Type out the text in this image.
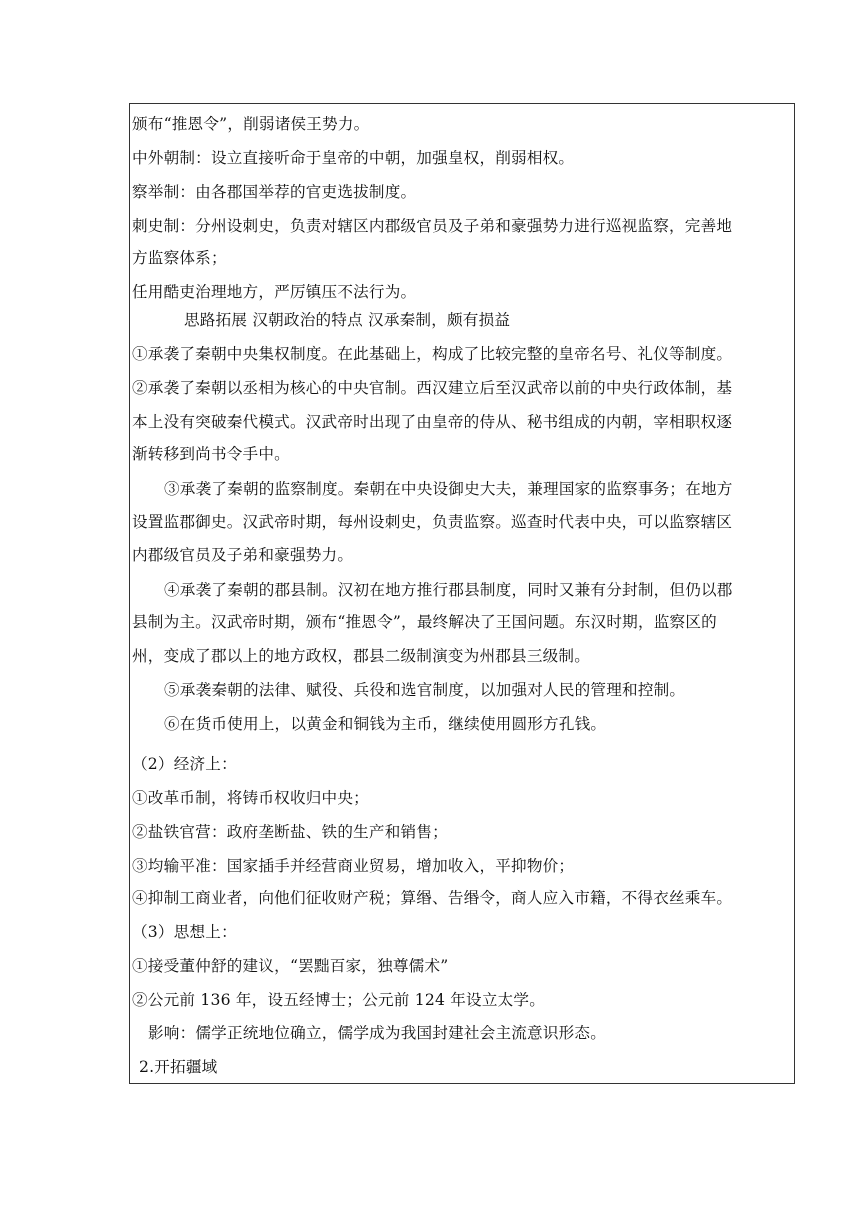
颁布“推恩令”，削弱诸侯王势力。
中外朝制：设立直接听命于皇帝的中朝，加强皇权，削弱相权。
察举制：由各郡国举荐的官吏选拔制度。
刺史制：分州设刺史，负责对辖区内郡级官员及子弟和豪强势力进行巡视监察，完善地
方监察体系；
任用酷吏治理地方，严厉镇压不法行为。
思路拓展 汉朝政治的特点 汉承秦制，颇有损益
①承袭了秦朝中央集权制度。在此基础上，构成了比较完整的皇帝名号、礼仪等制度。
②承袭了秦朝以丞相为核心的中央官制。西汉建立后至汉武帝以前的中央行政体制，基
本上没有突破秦代模式。汉武帝时出现了由皇帝的侍从、秘书组成的内朝，宰相职权逐
渐转移到尚书令手中。
③承袭了秦朝的监察制度。秦朝在中央设御史大夫，兼理国家的监察事务；在地方
设置监郡御史。汉武帝时期，每州设刺史，负责监察。巡查时代表中央，可以监察辖区
内郡级官员及子弟和豪强势力。
④承袭了秦朝的郡县制。汉初在地方推行郡县制度，同时又兼有分封制，但仍以郡
县制为主。汉武帝时期，颁布“推恩令”，最终解决了王国问题。东汉时期，监察区的
州，变成了郡以上的地方政权，郡县二级制演变为州郡县三级制。
⑤承袭秦朝的法律、赋役、兵役和选官制度，以加强对人民的管理和控制。
⑥在货币使用上，以黄金和铜钱为主币，继续使用圆形方孔钱。
（2）经济上：
①改革币制，将铸币权收归中央；
②盐铁官营：政府垄断盐、铁的生产和销售；
③均输平准：国家插手并经营商业贸易，增加收入，平抑物价；
④抑制工商业者，向他们征收财产税；算缗、告缗令，商人应入市籍，不得衣丝乘车。
（3）思想上：
①接受董仲舒的建议，“罢黜百家，独尊儒术”
②公元前 136 年，设五经博士；公元前 124 年设立太学。
影响：儒学正统地位确立，儒学成为我国封建社会主流意识形态。
2.开拓疆域
